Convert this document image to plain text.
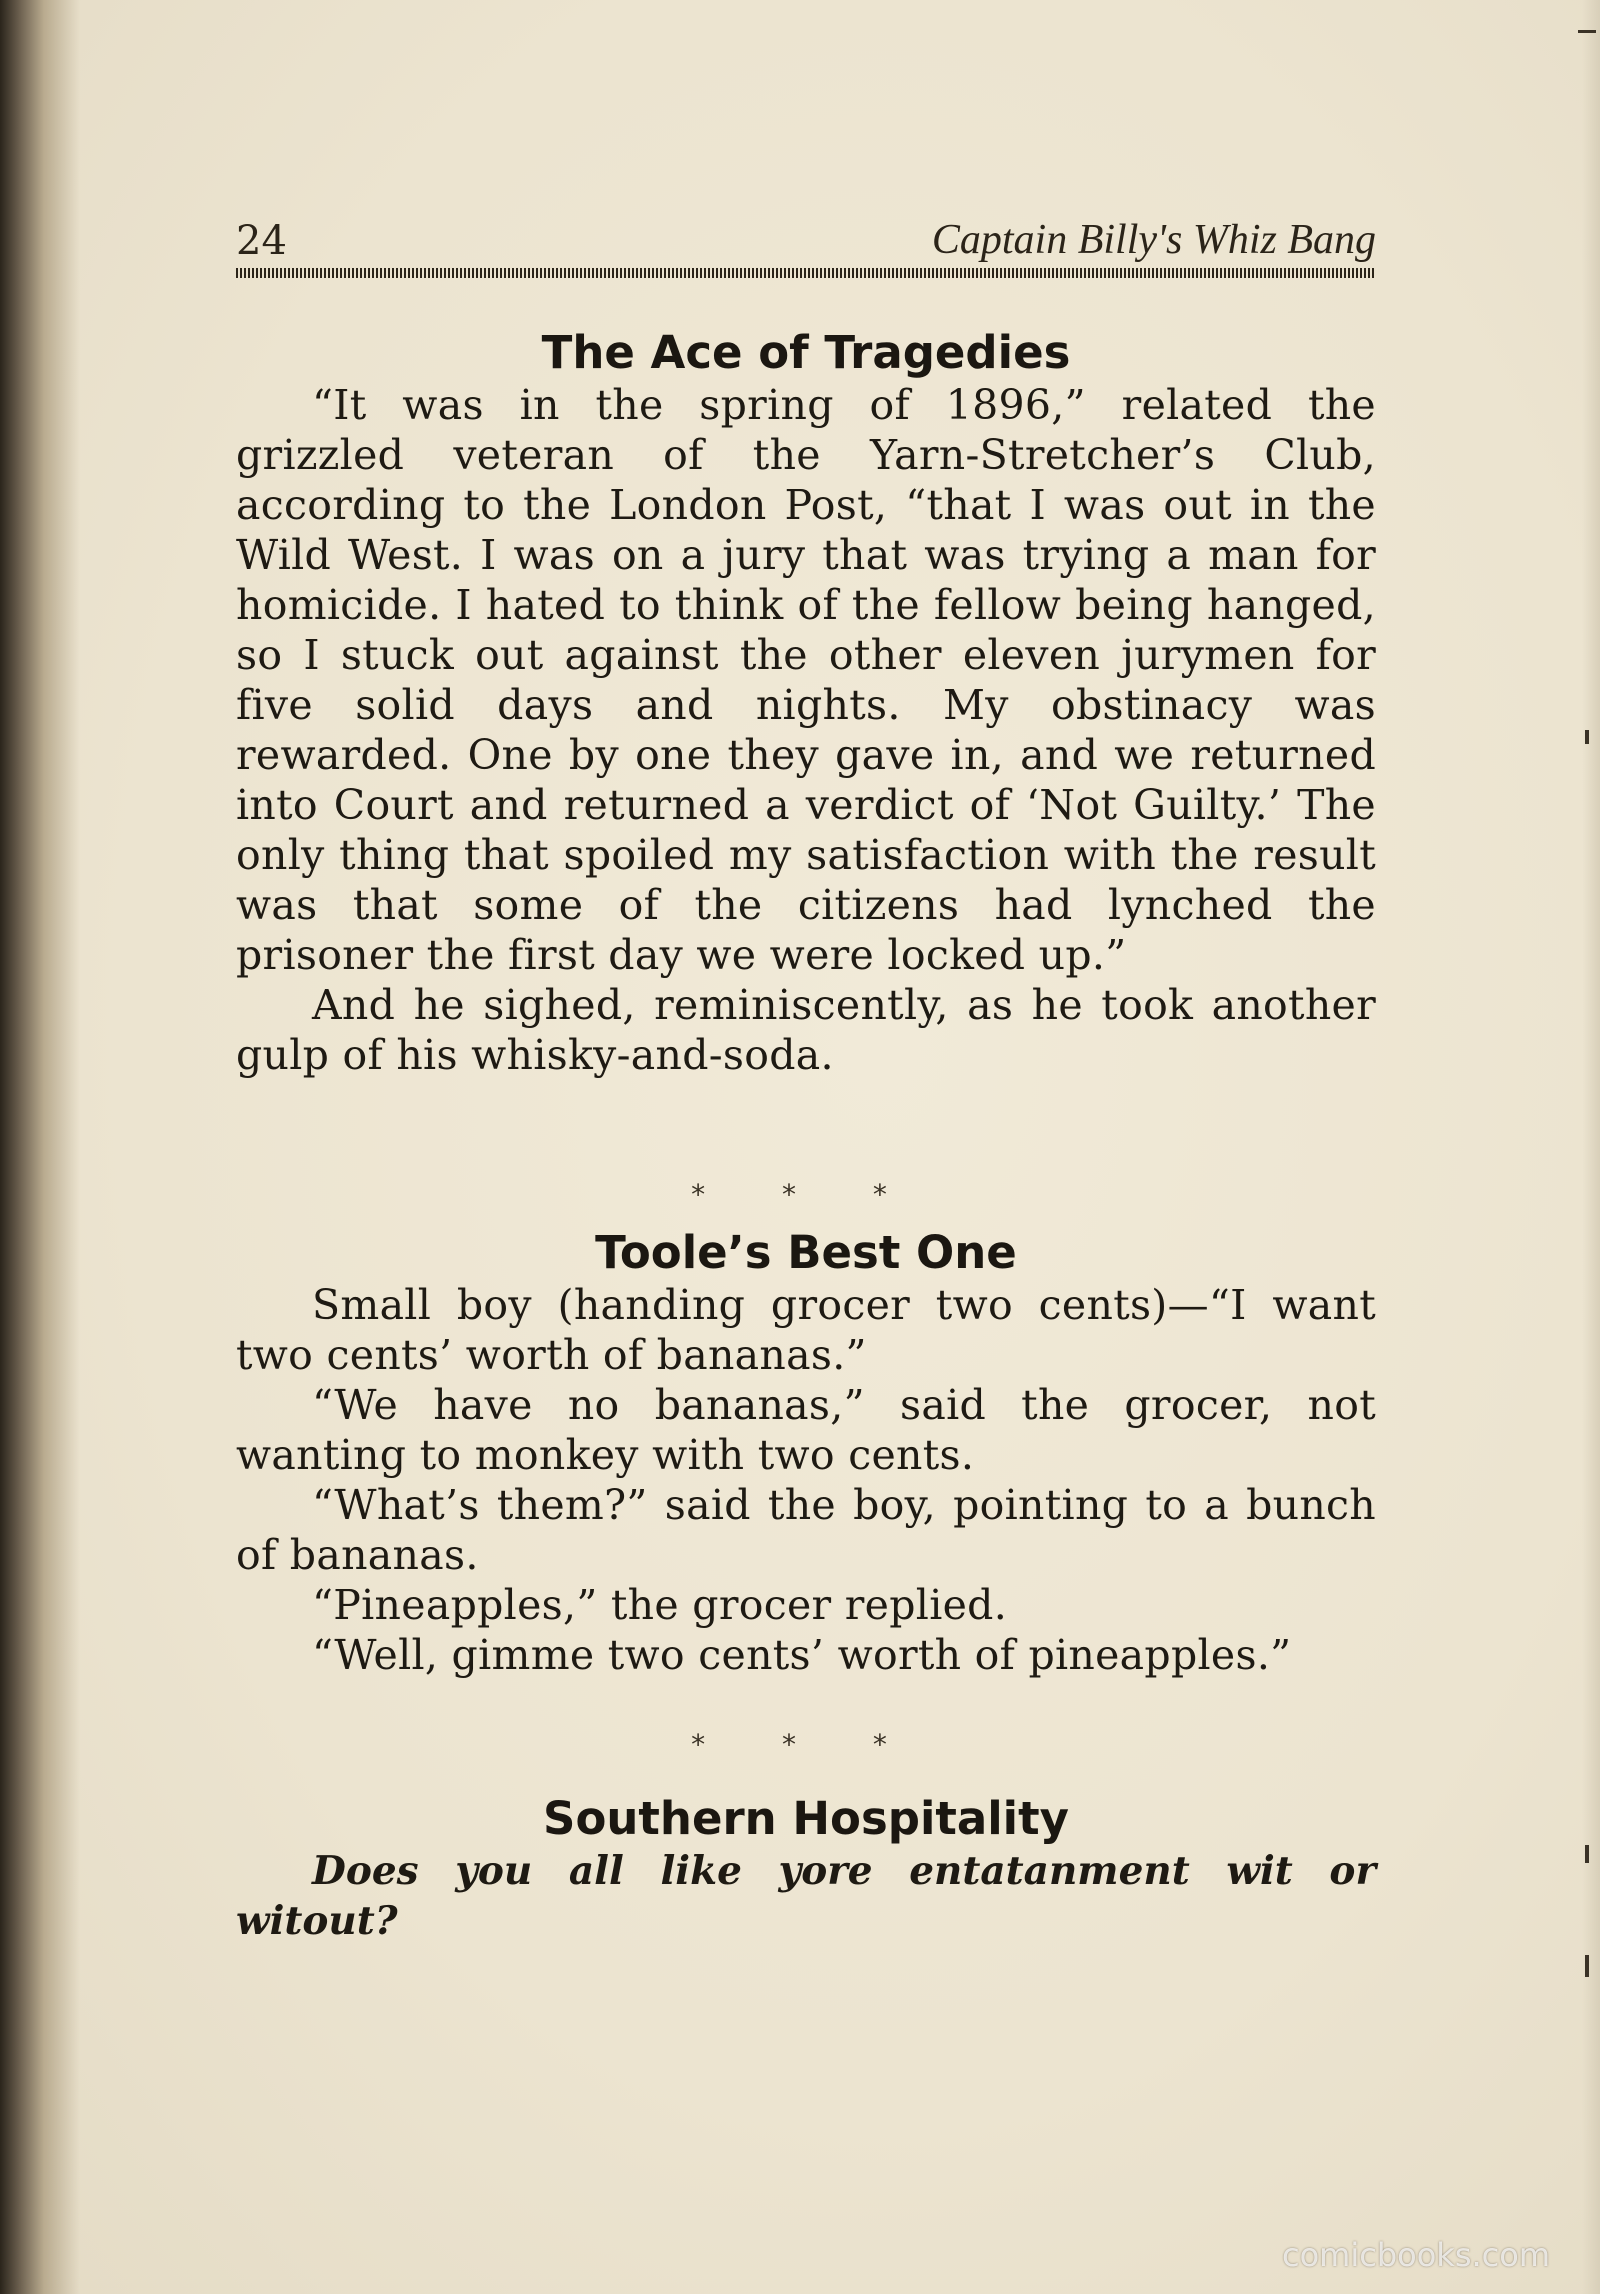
24	Captain Billy's Whiz Bang
The Ace of Tragedies

“It was in the spring of 1896,” related the grizzled veteran of the Yarn-Stretcher’s Club, according to the London Post, “that I was out in the Wild West. I was on a jury that was trying a man for homicide. I hated to think of the fellow being hanged, so I stuck out against the other eleven jurymen for five solid days and nights. My obstinacy was rewarded. One by one they gave in, and we returned into Court and returned a verdict of ‘Not Guilty.’ The only thing that spoiled my satisfaction with the result was that some of the citizens had lynched the prisoner the first day we were locked up.”

And he sighed, reminiscently, as he took another gulp of his whisky-and-soda.

* * *
Toole’s Best One

Small boy (handing grocer two cents)—“I want two cents’ worth of bananas.”

“We have no bananas,” said the grocer, not wanting to monkey with two cents.

“What’s them?” said the boy, pointing to a bunch of bananas.

“Pineapples,” the grocer replied.

“Well, gimme two cents’ worth of pineapples.”

* * *
Southern Hospitality

Does you all like yore entatanment wit or witout?

comicbooks.com
